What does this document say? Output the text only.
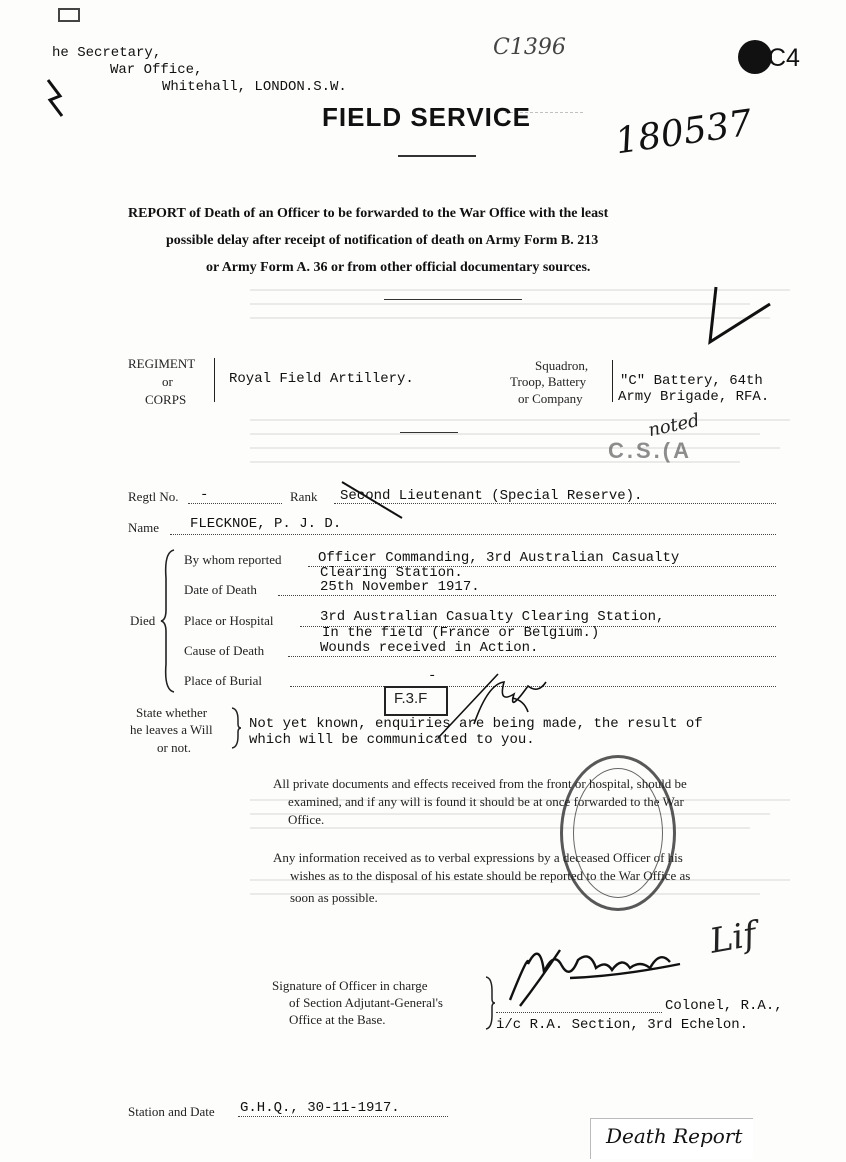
he Secretary,
War Office,
Whitehall, LONDON.S.W.
C1396	C4
180537
FIELD SERVICE
REPORT of Death of an Officer to be forwarded to the War Office with the least
possible delay after receipt of notification of death on Army Form B. 213
or Army Form A. 36 or from other official documentary sources.
REGIMENT
or
CORPS
Royal Field Artillery.
Squadron,
Troop, Battery
or Company
"C" Battery, 64th
Army Brigade, RFA.
noted
C.S.(A
Regtl No. -	Rank Second Lieutenant (Special Reserve).
Name FLECKNOE, P. J. D.
Died
By whom reported	Officer Commanding, 3rd Australian Casualty
Clearing Station.
Date of Death	25th November 1917.
Place or Hospital	3rd Australian Casualty Clearing Station,
In the field (France or Belgium.)
Cause of Death	Wounds received in Action.
Place of Burial	-
F.3.F
State whether
he leaves a Will
or not.
Not yet known, enquiries are being made, the result of
which will be communicated to you.
All private documents and effects received from the front or hospital, should be
examined, and if any will is found it should be at once forwarded to the War
Office.
Any information received as to verbal expressions by a deceased Officer of his
wishes as to the disposal of his estate should be reported to the War Office as
soon as possible.
Signature of Officer in charge
of Section Adjutant-General's
Office at the Base.
Lif
Colonel, R.A.,
i/c R.A. Section, 3rd Echelon.
Station and Date G.H.Q., 30-11-1917.
Death Report
